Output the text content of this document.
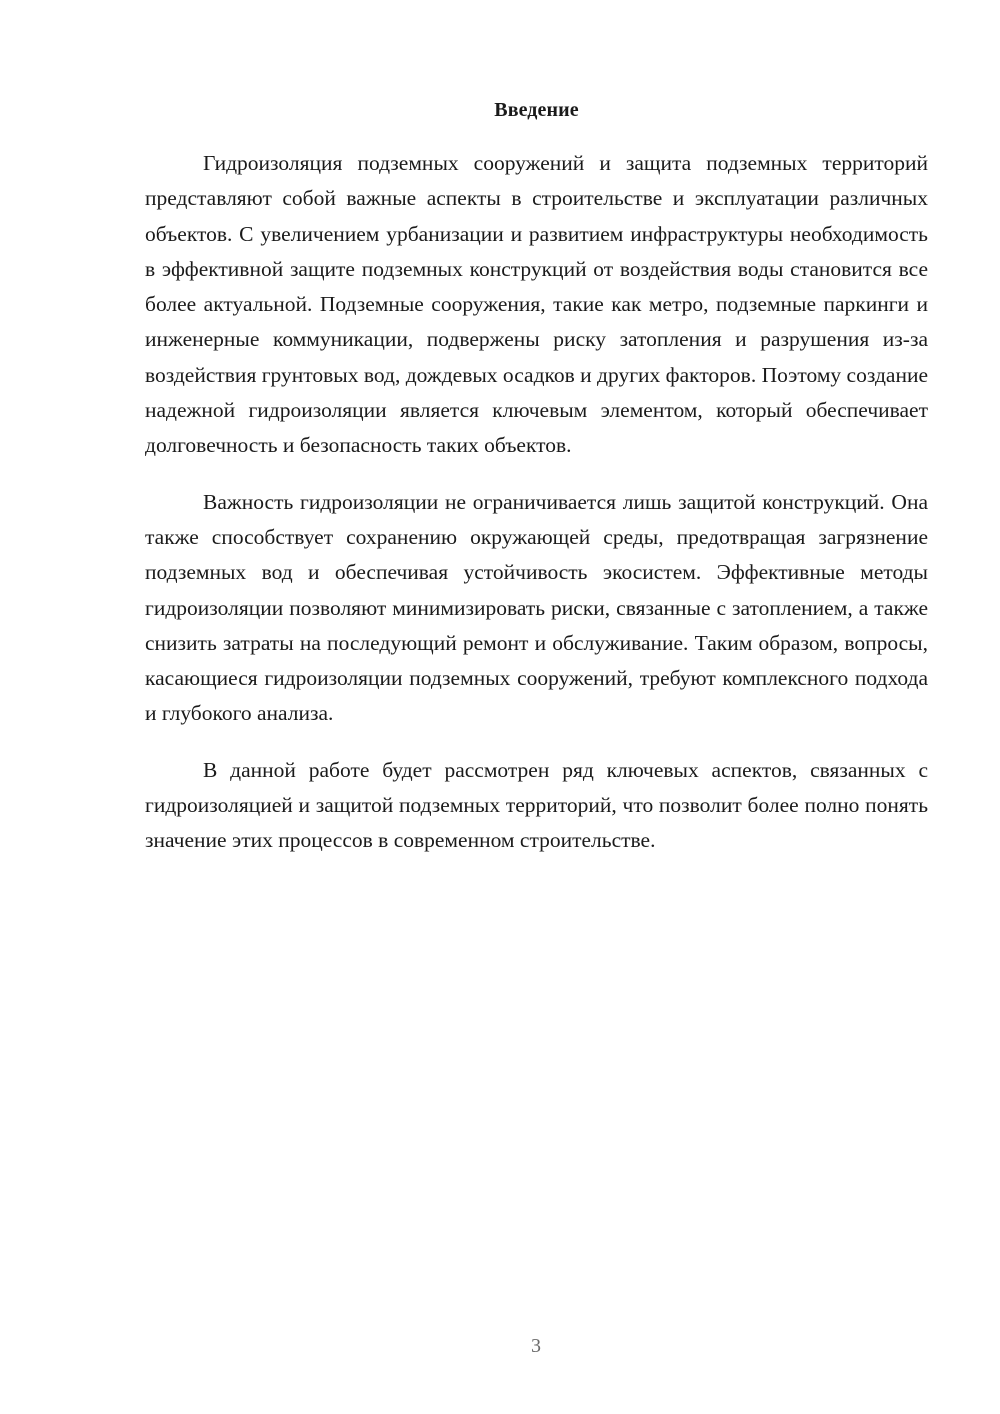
Введение

Гидроизоляция подземных сооружений и защита подземных территорий представляют собой важные аспекты в строительстве и эксплуатации различных объектов. С увеличением урбанизации и развитием инфраструктуры необходимость в эффективной защите подземных конструкций от воздействия воды становится все более актуальной. Подземные сооружения, такие как метро, подземные паркинги и инженерные коммуникации, подвержены риску затопления и разрушения из-за воздействия грунтовых вод, дождевых осадков и других факторов. Поэтому создание надежной гидроизоляции является ключевым элементом, который обеспечивает долговечность и безопасность таких объектов.

Важность гидроизоляции не ограничивается лишь защитой конструкций. Она также способствует сохранению окружающей среды, предотвращая загрязнение подземных вод и обеспечивая устойчивость экосистем. Эффективные методы гидроизоляции позволяют минимизировать риски, связанные с затоплением, а также снизить затраты на последующий ремонт и обслуживание. Таким образом, вопросы, касающиеся гидроизоляции подземных сооружений, требуют комплексного подхода и глубокого анализа.

В данной работе будет рассмотрен ряд ключевых аспектов, связанных с гидроизоляцией и защитой подземных территорий, что позволит более полно понять значение этих процессов в современном строительстве.

3
